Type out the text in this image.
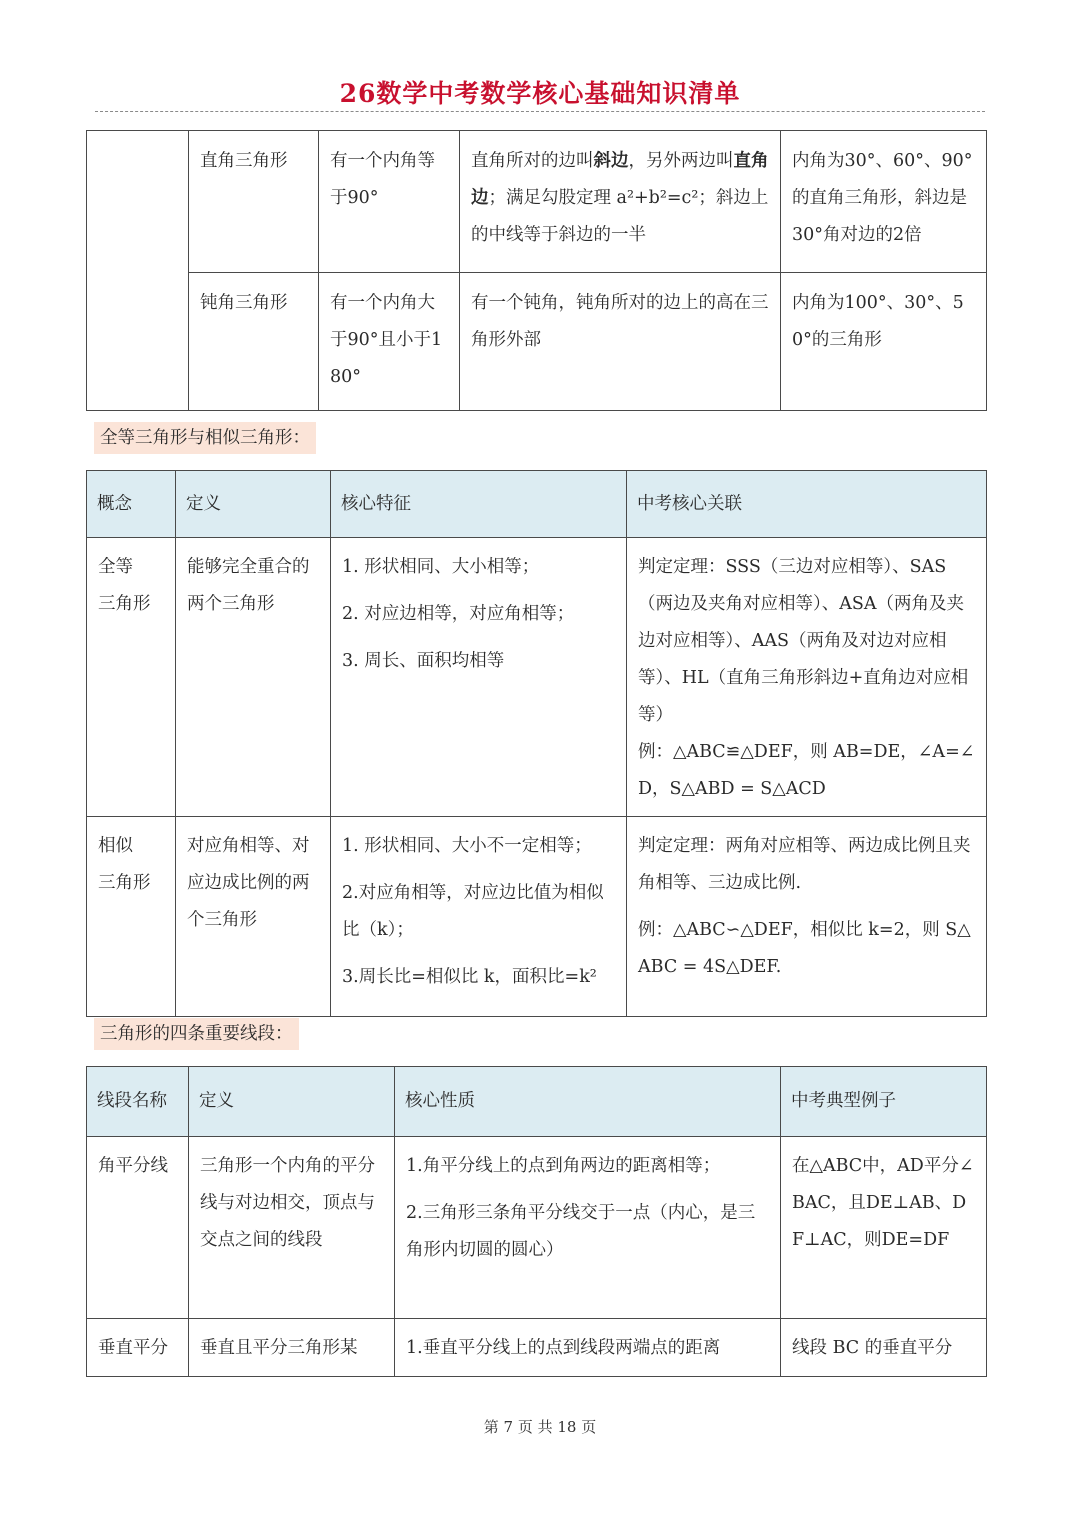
26数学中考数学核心基础知识清单
	直角三角形	有一个内角等于90°	直角所对的边叫斜边，另外两边叫直角边；满足勾股定理 a²+b²=c²；斜边上的中线等于斜边的一半	内角为30°、60°、90°的直角三角形，斜边是30°角对边的2倍
	钝角三角形	有一个内角大于90°且小于180°	有一个钝角，钝角所对的边上的高在三角形外部	内角为100°、30°、50°的三角形
全等三角形与相似三角形：
概念	定义	核心特征	中考核心关联

全等
三角形	能够完全重合的两个三角形	1. 形状相同、大小相等；
2. 对应边相等，对应角相等；
3. 周长、面积均相等	判定定理：SSS（三边对应相等）、SAS（两边及夹角对应相等）、ASA（两角及夹边对应相等）、AAS（两角及对边对应相等）、HL（直角三角形斜边+直角边对应相等）
例：△ABC≌△DEF，则 AB=DE，∠A=∠D，S△ABD = S△ACD

相似
三角形	对应角相等、对应边成比例的两个三角形	1. 形状相同、大小不一定相等；
2.对应角相等，对应边比值为相似比（k）；
3.周长比=相似比 k，面积比=k²	判定定理：两角对应相等、两边成比例且夹角相等、三边成比例.
例：△ABC∽△DEF，相似比 k=2，则 S△ABC = 4S△DEF.
三角形的四条重要线段：
线段名称	定义	核心性质	中考典型例子
角平分线	三角形一个内角的平分线与对边相交，顶点与交点之间的线段	1.角平分线上的点到角两边的距离相等；
2.三角形三条角平分线交于一点（内心，是三角形内切圆的圆心）	在△ABC中，AD平分∠BAC，且DE⊥AB、DF⊥AC，则DE=DF
垂直平分	垂直且平分三角形某	1.垂直平分线上的点到线段两端点的距离	线段 BC 的垂直平分
第 7 页 共 18 页
